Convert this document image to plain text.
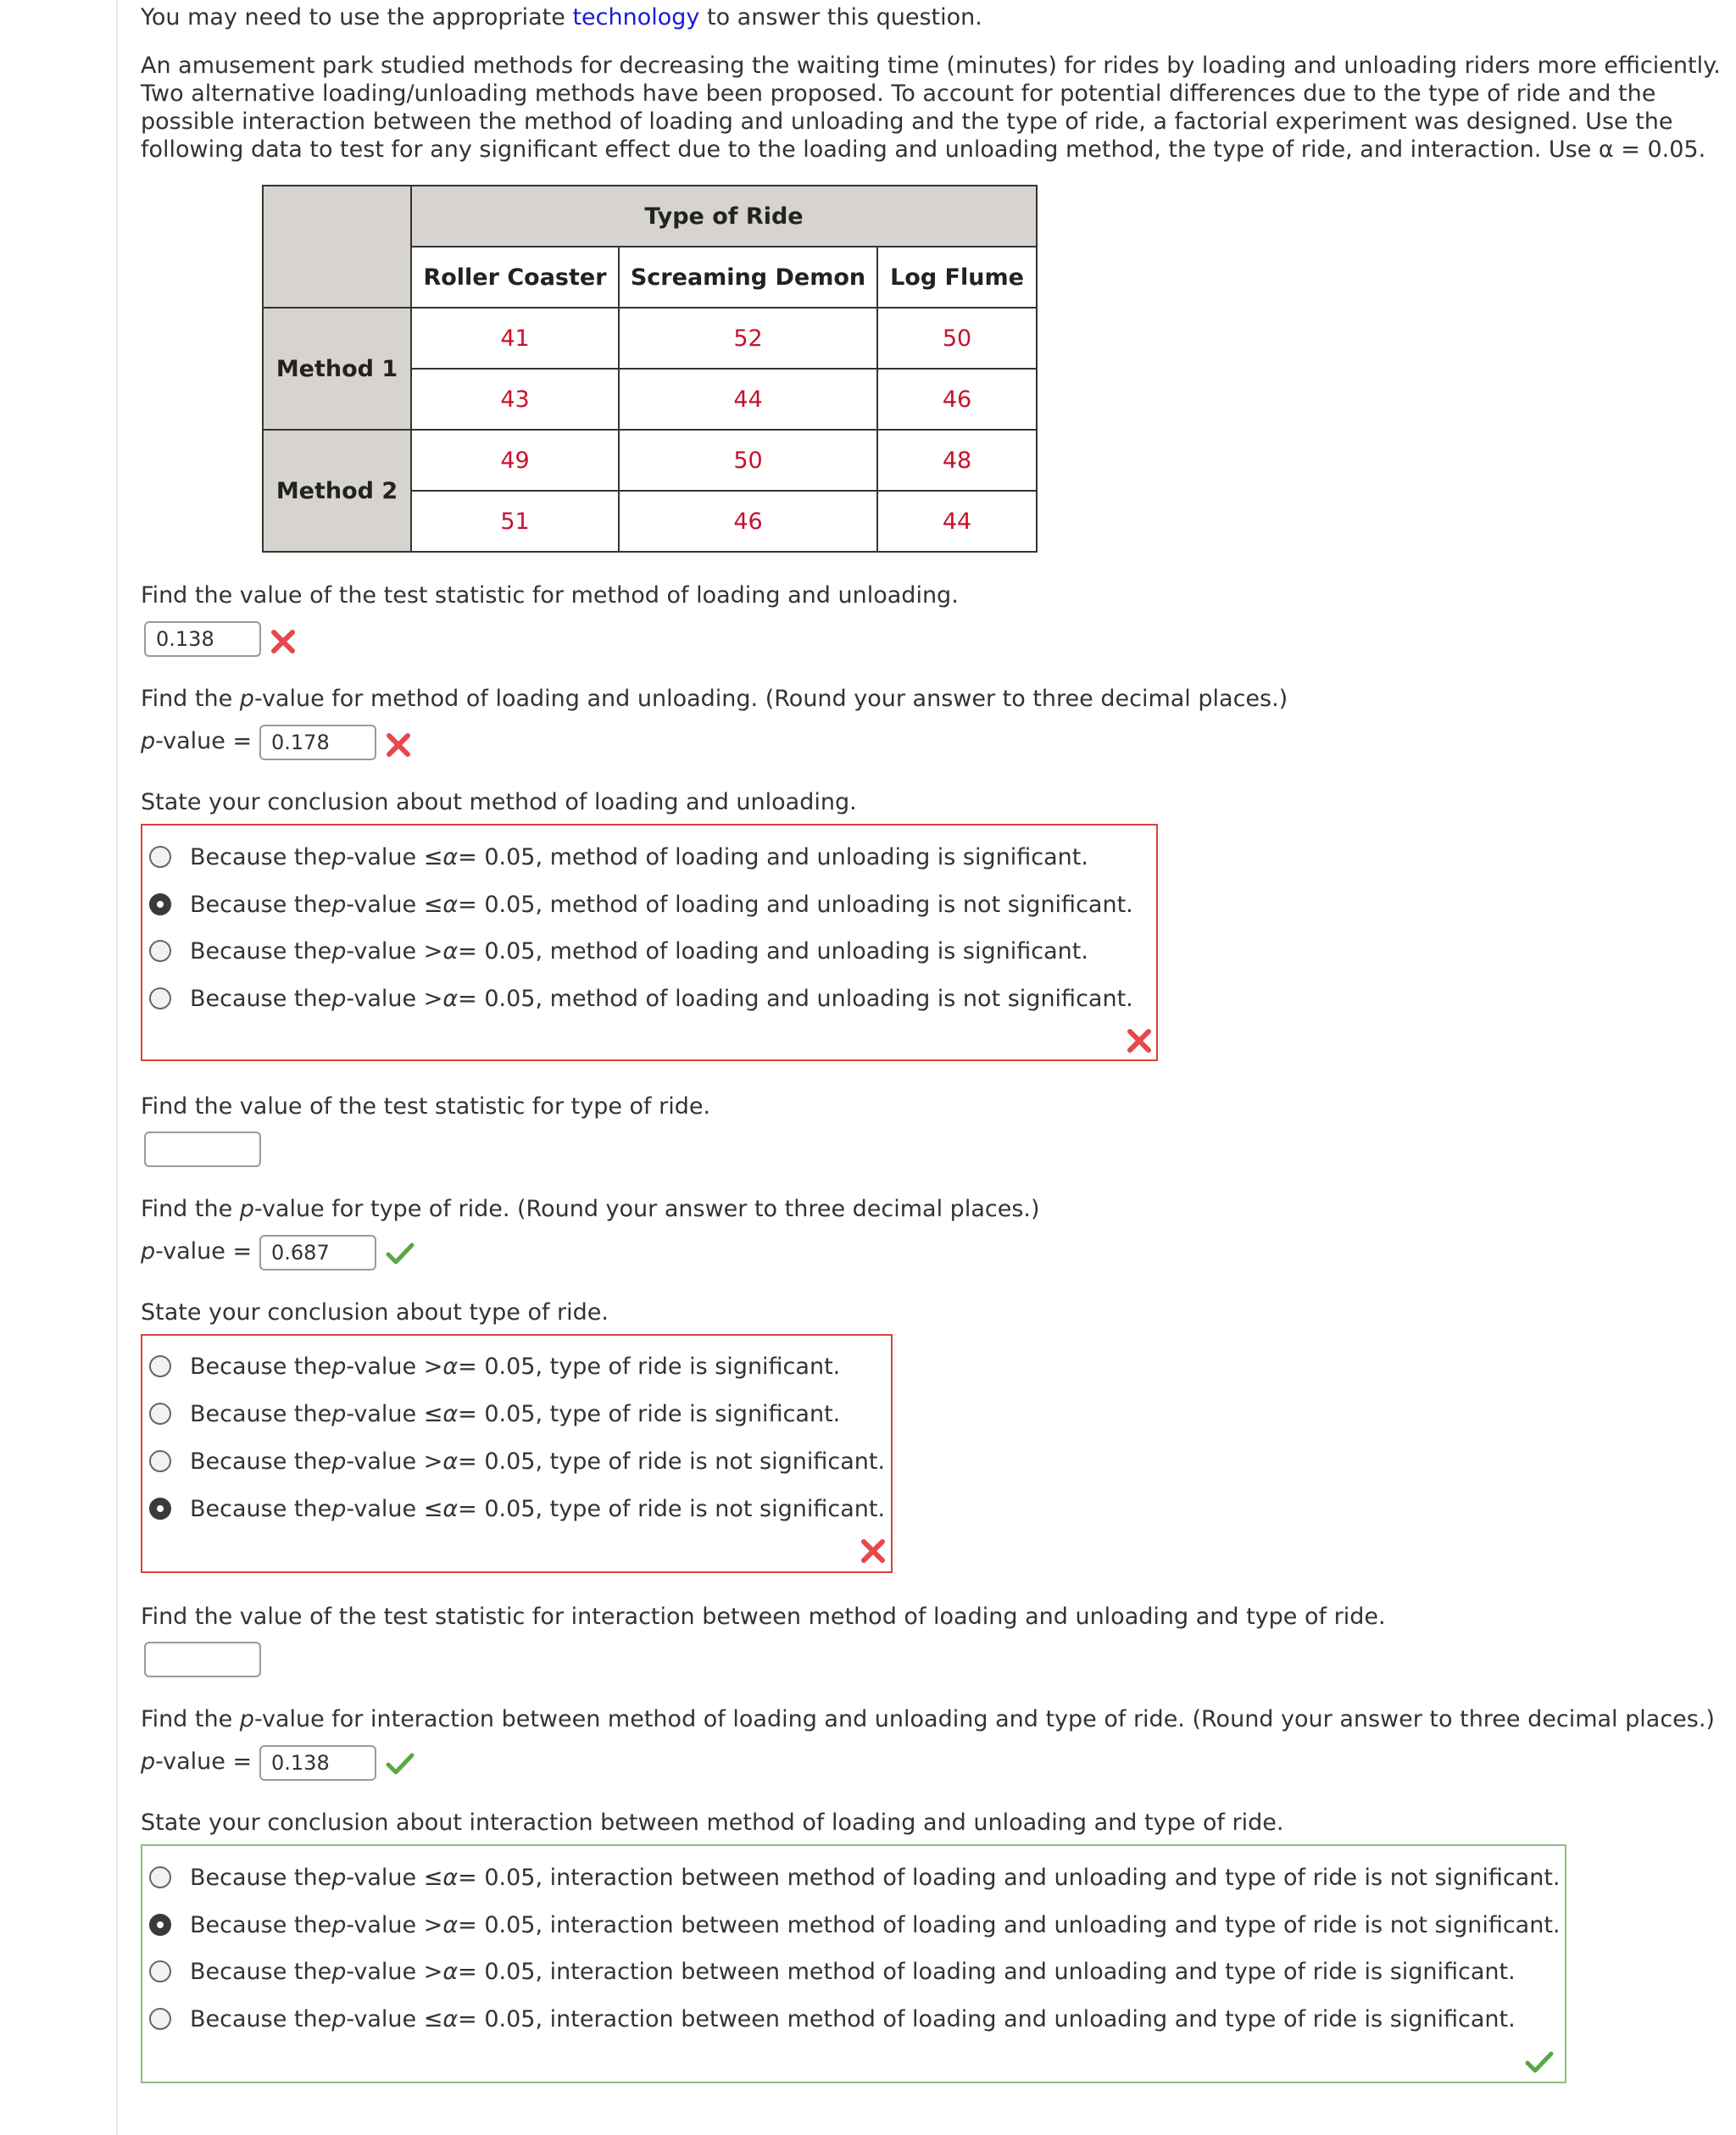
You may need to use the appropriate technology to answer this question.
An amusement park studied methods for decreasing the waiting time (minutes) for rides by loading and unloading riders more efficiently.
Two alternative loading/unloading methods have been proposed. To account for potential differences due to the type of ride and the
possible interaction between the method of loading and unloading and the type of ride, a factorial experiment was designed. Use the
following data to test for any significant effect due to the loading and unloading method, the type of ride, and interaction. Use α = 0.05.
	Type of Ride		
	Roller Coaster	Screaming Demon	Log Flume
Method 1	41	52	50
	43	44	46
Method 2	49	50	48
	51	46	44
Find the value of the test statistic for method of loading and unloading.
0.138
Find the p-value for method of loading and unloading. (Round your answer to three decimal places.)
p-value = 0.178
State your conclusion about method of loading and unloading.
Because the p -value ≤ α = 0.05, method of loading and unloading is significant.
Because the p -value ≤ α = 0.05, method of loading and unloading is not significant.
Because the p -value > α = 0.05, method of loading and unloading is significant.
Because the p -value > α = 0.05, method of loading and unloading is not significant.
Find the value of the test statistic for type of ride.
Find the p-value for type of ride. (Round your answer to three decimal places.)
p-value = 0.687
State your conclusion about type of ride.
Because the p -value > α = 0.05, type of ride is significant.
Because the p -value ≤ α = 0.05, type of ride is significant.
Because the p -value > α = 0.05, type of ride is not significant.
Because the p -value ≤ α = 0.05, type of ride is not significant.
Find the value of the test statistic for interaction between method of loading and unloading and type of ride.
Find the p-value for interaction between method of loading and unloading and type of ride. (Round your answer to three decimal places.)
p-value = 0.138
State your conclusion about interaction between method of loading and unloading and type of ride.
Because the p -value ≤ α = 0.05, interaction between method of loading and unloading and type of ride is not significant.
Because the p -value > α = 0.05, interaction between method of loading and unloading and type of ride is not significant.
Because the p -value > α = 0.05, interaction between method of loading and unloading and type of ride is significant.
Because the p -value ≤ α = 0.05, interaction between method of loading and unloading and type of ride is significant.
